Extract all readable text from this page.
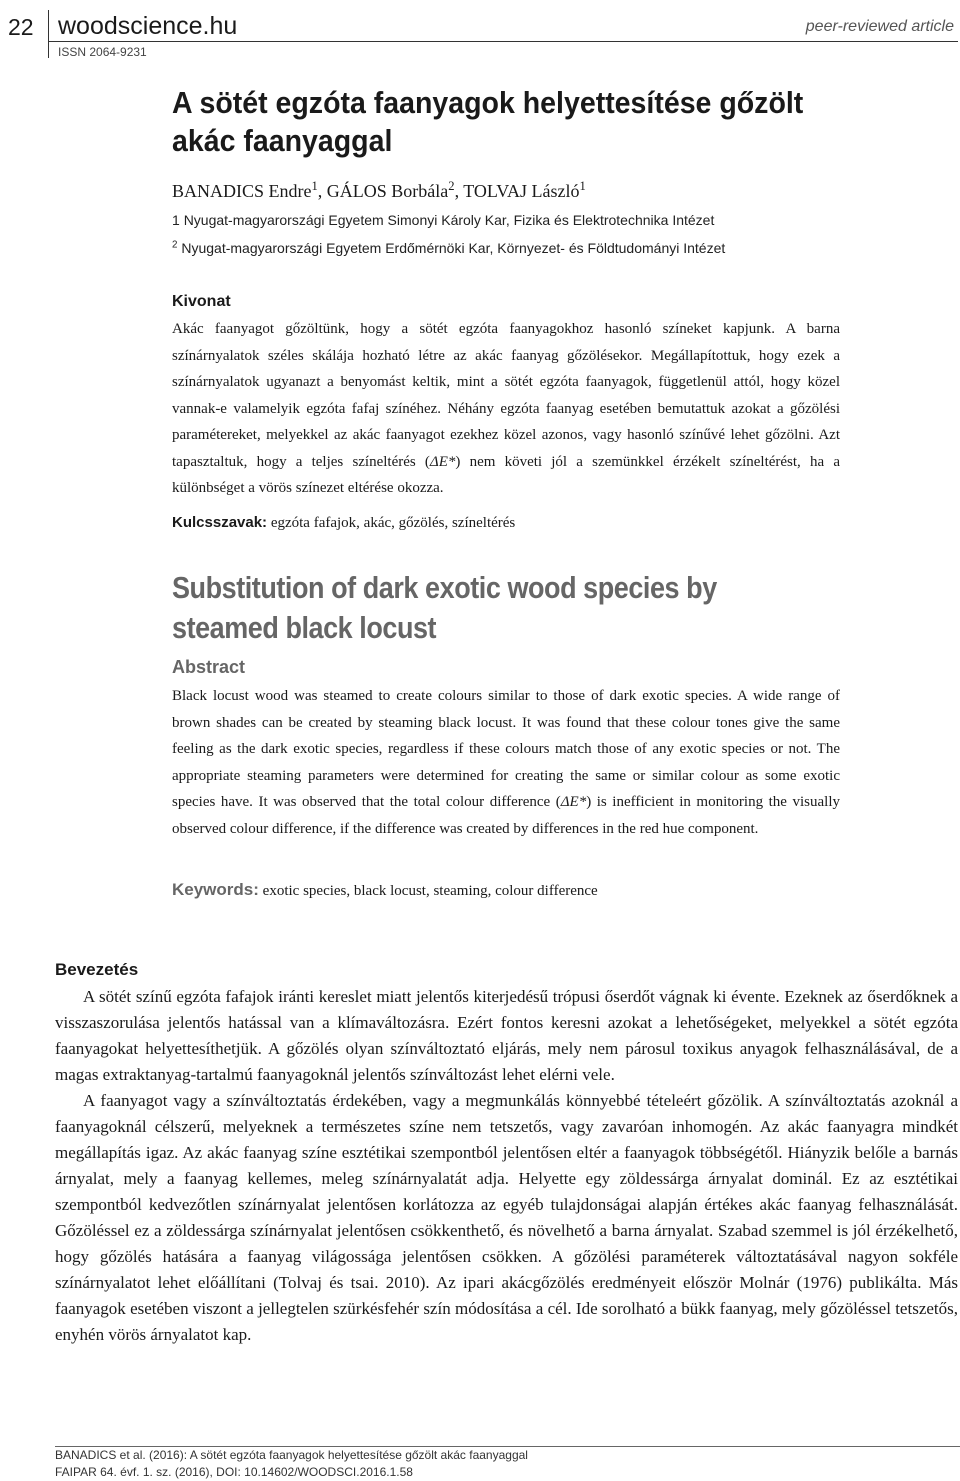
22 woodscience.hu
ISSN 2064-9231
peer-reviewed article
A sötét egzóta faanyagok helyettesítése gőzölt akác faanyaggal
BANADICS Endre$^1$, GÁLOS Borbála$^2$, TOLVAJ László$^1$
1 Nyugat-magyarországi Egyetem Simonyi Károly Kar, Fizika és Elektrotechnika Intézet
$^2$ Nyugat-magyarországi Egyetem Erdőmérnöki Kar, Környezet- és Földtudományi Intézet
Kivonat
Akác faanyagot gőzöltünk, hogy a sötét egzóta faanyagokhoz hasonló színeket kapjunk. A barna színárnyalatok széles skálája hozható létre az akác faanyag gőzölésekor. Megállapítottuk, hogy ezek a színárnyalatok ugyanazt a benyomást keltik, mint a sötét egzóta faanyagok, függetlenül attól, hogy közel vannak-e valamelyik egzóta fafaj színéhez. Néhány egzóta faanyag esetében bemutattuk azokat a gőzölési paramétereket, melyekkel az akác faanyagot ezekhez közel azonos, vagy hasonló színűvé lehet gőzölni. Azt tapasztaltuk, hogy a teljes színeltérés (ΔE*) nem követi jól a szemünkkel érzékelt színeltérést, ha a különbséget a vörös színezet eltérése okozza.
Kulcsszavak: egzóta fafajok, akác, gőzölés, színeltérés
Substitution of dark exotic wood species by steamed black locust
Abstract
Black locust wood was steamed to create colours similar to those of dark exotic species. A wide range of brown shades can be created by steaming black locust. It was found that these colour tones give the same feeling as the dark exotic species, regardless if these colours match those of any exotic species or not. The appropriate steaming parameters were determined for creating the same or similar colour as some exotic species have. It was observed that the total colour difference (ΔE*) is inefficient in monitoring the visually observed colour difference, if the difference was created by differences in the red hue component.
Keywords: exotic species, black locust, steaming, colour difference
Bevezetés

A sötét színű egzóta fafajok iránti kereslet miatt jelentős kiterjedésű trópusi őserdőt vágnak ki évente. Ezeknek az őserdőknek a visszaszorulása jelentős hatással van a klímaváltozásra. Ezért fontos keresni azokat a lehetőségeket, melyekkel a sötét egzóta faanyagokat helyettesíthetjük. A gőzölés olyan színváltoztató eljárás, mely nem párosul toxikus anyagok felhasználásával, de a magas extraktanyag-tartalmú faanyagoknál jelentős színváltozást lehet elérni vele.

A faanyagot vagy a színváltoztatás érdekében, vagy a megmunkálás könnyebbé tételeért gőzölik. A színváltoztatás azoknál a faanyagoknál célszerű, melyeknek a természetes színe nem tetszetős, vagy zavaróan inhomogén. Az akác faanyagra mindkét megállapítás igaz. Az akác faanyag színe esztétikai szempontból jelentősen eltér a faanyagok többségétől. Hiányzik belőle a barnás árnyalat, mely a faanyag kellemes, meleg színárnyalatát adja. Helyette egy zöldessárga árnyalat dominál. Ez az esztétikai szempontból kedvezőtlen színárnyalat jelentősen korlátozza az egyéb tulajdonságai alapján értékes akác faanyag felhasználását. Gőzöléssel ez a zöldessárga színárnyalat jelentősen csökkenthető, és növelhető a barna árnyalat. Szabad szemmel is jól érzékelhető, hogy gőzölés hatására a faanyag világossága jelentősen csökken. A gőzölési paraméterek változtatásával nagyon sokféle színárnyalatot lehet előállítani (Tolvaj és tsai. 2010). Az ipari akácgőzölés eredményeit először Molnár (1976) publikálta. Más faanyagok esetében viszont a jellegtelen szürkésfehér szín módosítása a cél. Ide sorolható a bükk faanyag, mely gőzöléssel tetszetős, enyhén vörös árnyalatot kap.

BANADICS et al. (2016): A sötét egzóta faanyagok helyettesítése gőzölt akác faanyaggal
FAIPAR 64. évf. 1. sz. (2016), DOI: 10.14602/WOODSCI.2016.1.58
